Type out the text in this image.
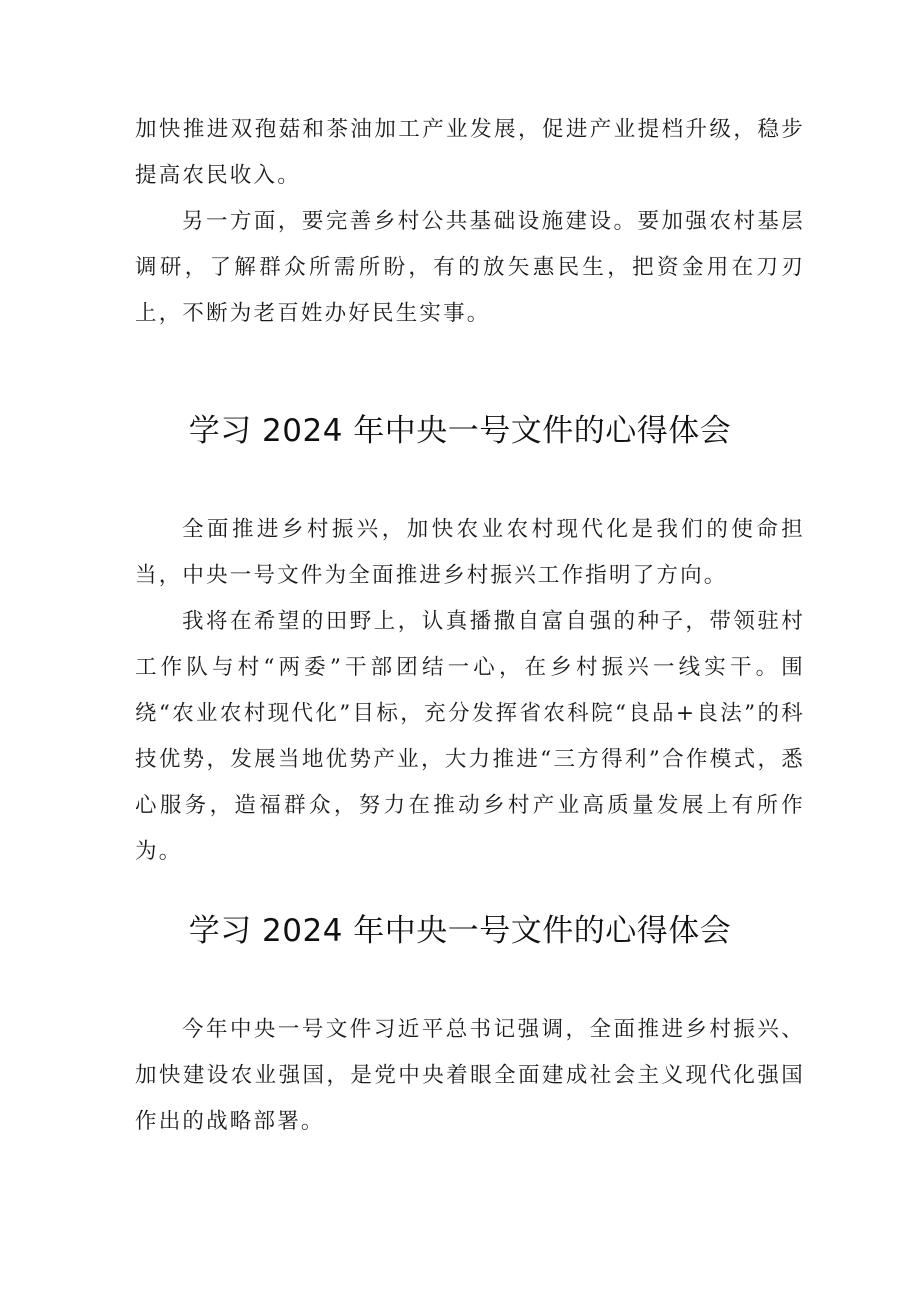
加快推进双孢菇和茶油加工产业发展，促进产业提档升级，稳步提高农民收入。

另一方面，要完善乡村公共基础设施建设。要加强农村基层调研，了解群众所需所盼，有的放矢惠民生，把资金用在刀刃上，不断为老百姓办好民生实事。

学习 2024 年中央一号文件的心得体会

全面推进乡村振兴，加快农业农村现代化是我们的使命担当，中央一号文件为全面推进乡村振兴工作指明了方向。

我将在希望的田野上，认真播撒自富自强的种子，带领驻村工作队与村“两委”干部团结一心，在乡村振兴一线实干。围绕“农业农村现代化”目标，充分发挥省农科院“良品+良法”的科技优势，发展当地优势产业，大力推进“三方得利”合作模式，悉心服务，造福群众，努力在推动乡村产业高质量发展上有所作为。

学习 2024 年中央一号文件的心得体会

今年中央一号文件习近平总书记强调，全面推进乡村振兴、加快建设农业强国，是党中央着眼全面建成社会主义现代化强国作出的战略部署。
